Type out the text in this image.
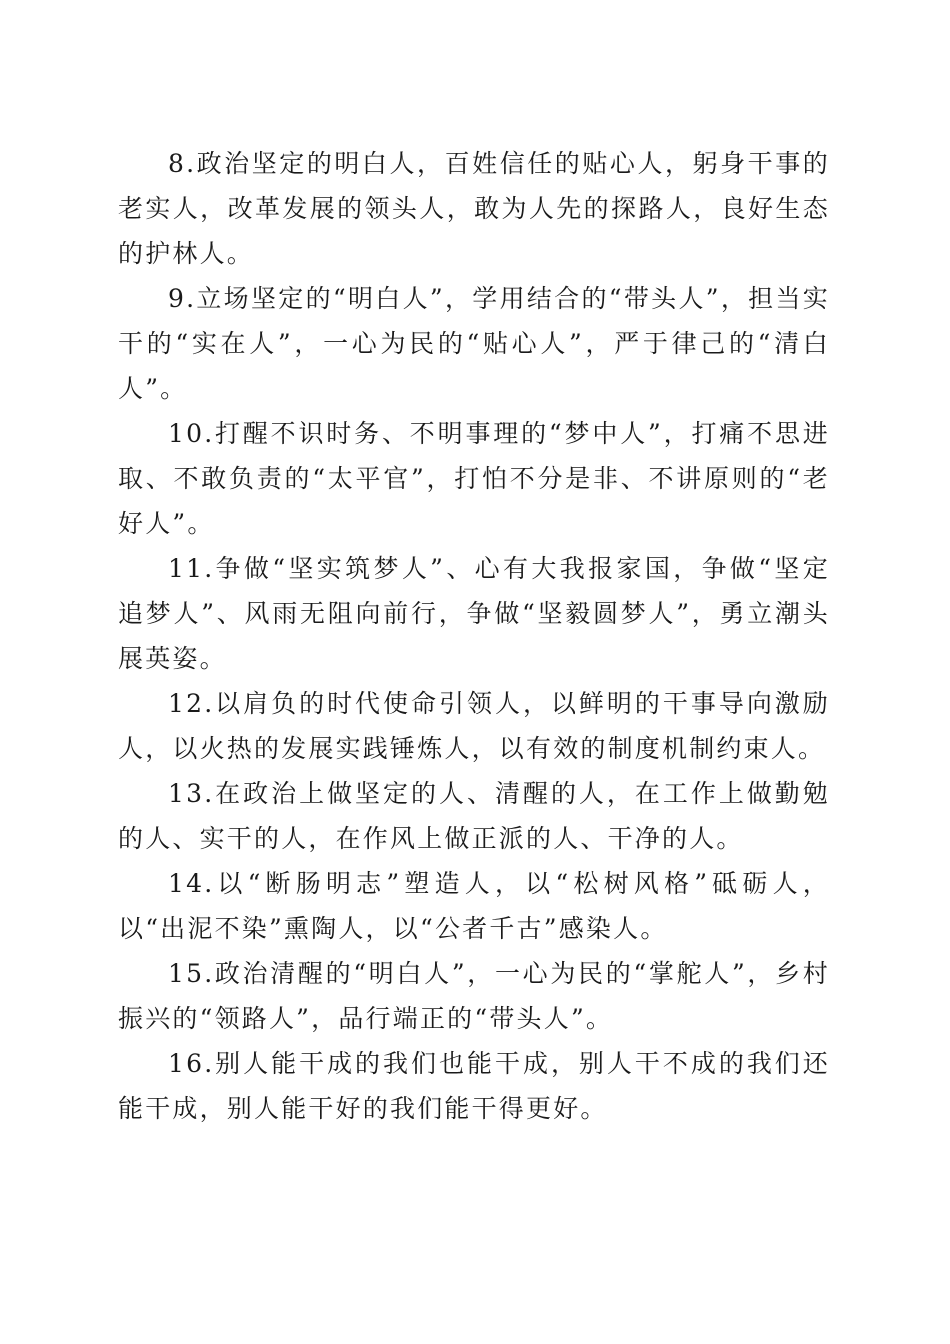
8.政治坚定的明白人，百姓信任的贴心人，躬身干事的老实人，改革发展的领头人，敢为人先的探路人，良好生态的护林人。

9.立场坚定的“明白人”，学用结合的“带头人”，担当实干的“实在人”，一心为民的“贴心人”，严于律己的“清白人”。

10.打醒不识时务、不明事理的“梦中人”，打痛不思进取、不敢负责的“太平官”，打怕不分是非、不讲原则的“老好人”。

11.争做“坚实筑梦人”、心有大我报家国，争做“坚定追梦人”、风雨无阻向前行，争做“坚毅圆梦人”，勇立潮头展英姿。

12.以肩负的时代使命引领人，以鲜明的干事导向激励人，以火热的发展实践锤炼人，以有效的制度机制约束人。

13.在政治上做坚定的人、清醒的人，在工作上做勤勉的人、实干的人，在作风上做正派的人、干净的人。

14.以“断肠明志”塑造人，以“松树风格”砥砺人，以“出泥不染”熏陶人，以“公者千古”感染人。

15.政治清醒的“明白人”，一心为民的“掌舵人”，乡村振兴的“领路人”，品行端正的“带头人”。

16.别人能干成的我们也能干成，别人干不成的我们还能干成，别人能干好的我们能干得更好。
